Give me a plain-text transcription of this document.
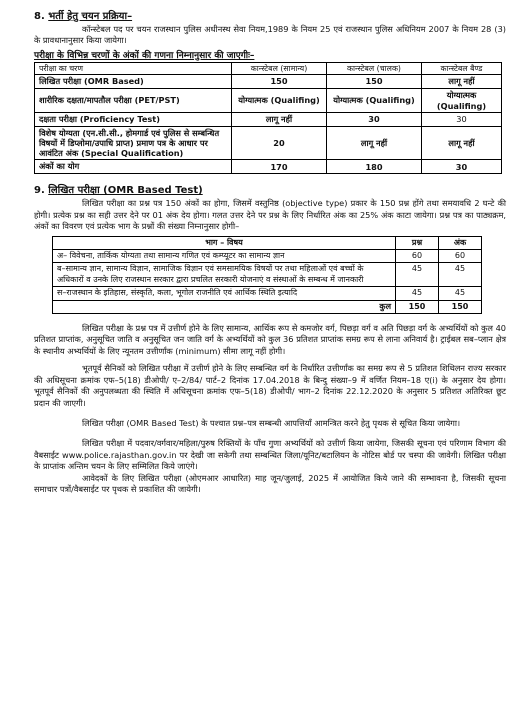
8. भर्ती हेतु चयन प्रक्रिया–

कॉन्स्टेबल पद पर चयन राजस्थान पुलिस अधीनस्थ सेवा नियम,1989 के नियम 25 एवं राजस्थान पुलिस अधिनियम 2007 के नियम 28 (3) के प्रावधानानुसार किया जायेगा।

परीक्षा के विभिन्न चरणों के अंकों की गणना निम्नानुसार की जाएगीः–
परीक्षा का चरण	कान्स्टेबल (सामान्य)	कान्स्टेबल (चालक)	कान्स्टेबल बैण्ड
लिखित परीक्षा (OMR Based)	150	150	लागू नहीं
शारीरिक दक्षता/मापतौल परीक्षा (PET/PST)	योग्यात्मक (Qualifing)	योग्यात्मक (Qualifing)	योग्यात्मक (Qualifing)
दक्षता परीक्षा (Proficiency Test)	लागू नहीं	30	30
विशेष योग्यता (एन.सी.सी., होमगार्ड एवं पुलिस से सम्बन्धित विषयों में डिप्लोमा/उपाधि प्राप्त) प्रमाण पत्र के आधार पर आवंटित अंक (Special Qualification)	20	लागू नहीं	लागू नहीं
अंकों का योग	170	180	30
9. लिखित परीक्षा (OMR Based Test)

लिखित परीक्षा का प्रश्न पत्र 150 अंकों का होगा, जिसमें वस्तुनिष्ठ (objective type) प्रकार के 150 प्रश्न होंगे तथा समयावधि 2 घन्टे की होगी। प्रत्येक प्रश्न का सही उत्तर देने पर 01 अंक देय होगा। गलत उत्तर देने पर प्रश्न के लिए निर्धारित अंक का 25% अंक काटा जायेगा। प्रश्न पत्र का पाठ्यक्रम, अंकों का विवरण एवं प्रत्येक भाग के प्रश्नों की संख्या निम्नानुसार होगी–

भाग – विषय	प्रश्न	अंक
अ– विवेचना, तार्किक योग्यता तथा सामान्य गणित एवं कम्प्यूटर का सामान्य ज्ञान	60	60
ब–सामान्य ज्ञान, सामान्य विज्ञान, सामाजिक विज्ञान एवं समसामयिक विषयों पर तथा महिलाओं एवं बच्चों के अधिकारों व उनके लिए राजस्थान सरकार द्वारा प्रचलित सरकारी योजनाएं व संस्थाओं के सम्बन्ध में जानकारी	45	45
स–राजस्थान के इतिहास, संस्कृति, कला, भूगोल राजनीति एवं आर्थिक स्थिति इत्यादि	45	45
कुल	150	150

लिखित परीक्षा के प्रश्न पत्र में उत्तीर्ण होने के लिए सामान्य, आर्थिक रूप से कमजोर वर्ग, पिछड़ा वर्ग व अति पिछड़ा वर्ग के अभ्यर्थियों को कुल 40 प्रतिशत प्राप्तांक, अनुसूचित जाति व अनुसूचित जन जाति वर्ग के अभ्यर्थियों को कुल 36 प्रतिशत प्राप्तांक समग्र रूप से लाना अनिवार्य है। ट्राईबल सब–प्लान क्षेत्र के स्थानीय अभ्यर्थियों के लिए न्यूनतम उत्तीर्णांक (minimum) सीमा लागू नहीं होगी।

भूतपूर्व सैनिकों को लिखित परीक्षा में उत्तीर्ण होने के लिए सम्बन्धित वर्ग के निर्धारित उत्तीर्णांक का समग्र रूप से 5 प्रतिशत शिथिलन राज्य सरकार की अधिसूचना क्रमांक एफ–5(18) डीओपी/ ए–2/84/ पार्ट–2 दिनांक 17.04.2018 के बिन्दु संख्या–9 में वर्णित नियम–18 ए(i) के अनुसार देय होगा। भूतपूर्व सैनिकों की अनुपलब्धता की स्थिति में अधिसूचना क्रमांक एफ–5(18) डीओपी/ भाग–2 दिनांक 22.12.2020 के अनुसार 5 प्रतिशत अतिरिक्त छूट प्रदान की जाएगी।

लिखित परीक्षा (OMR Based Test) के पश्चात प्रश्न–पत्र सम्बन्धी आपत्तियाँ आमन्त्रित करने हेतु पृथक से सूचित किया जायेगा।

लिखित परीक्षा में पदवार/वर्गवार/महिला/पुरुष रिक्तियों के पाँच गुणा अभ्यर्थियों को उत्तीर्ण किया जायेगा, जिसकी सूचना एवं परिणाम विभाग की वैबसाईट www.police.rajasthan.gov.in पर देखी जा सकेगी तथा सम्बन्धित जिला/यूनिट/बटालियन के नोटिस बोर्ड पर चस्पा की जावेगी। लिखित परीक्षा के प्राप्तांक अन्तिम चयन के लिए सम्मिलित किये जाएंगे।

आवेदकों के लिए लिखित परीक्षा (ओएमआर आधारित) माह जून/जुलाई, 2025 में आयोजित किये जाने की सम्भावना है, जिसकी सूचना समाचार पत्रों/वैबसाईट पर पृथक से प्रकाशित की जायेगी।
